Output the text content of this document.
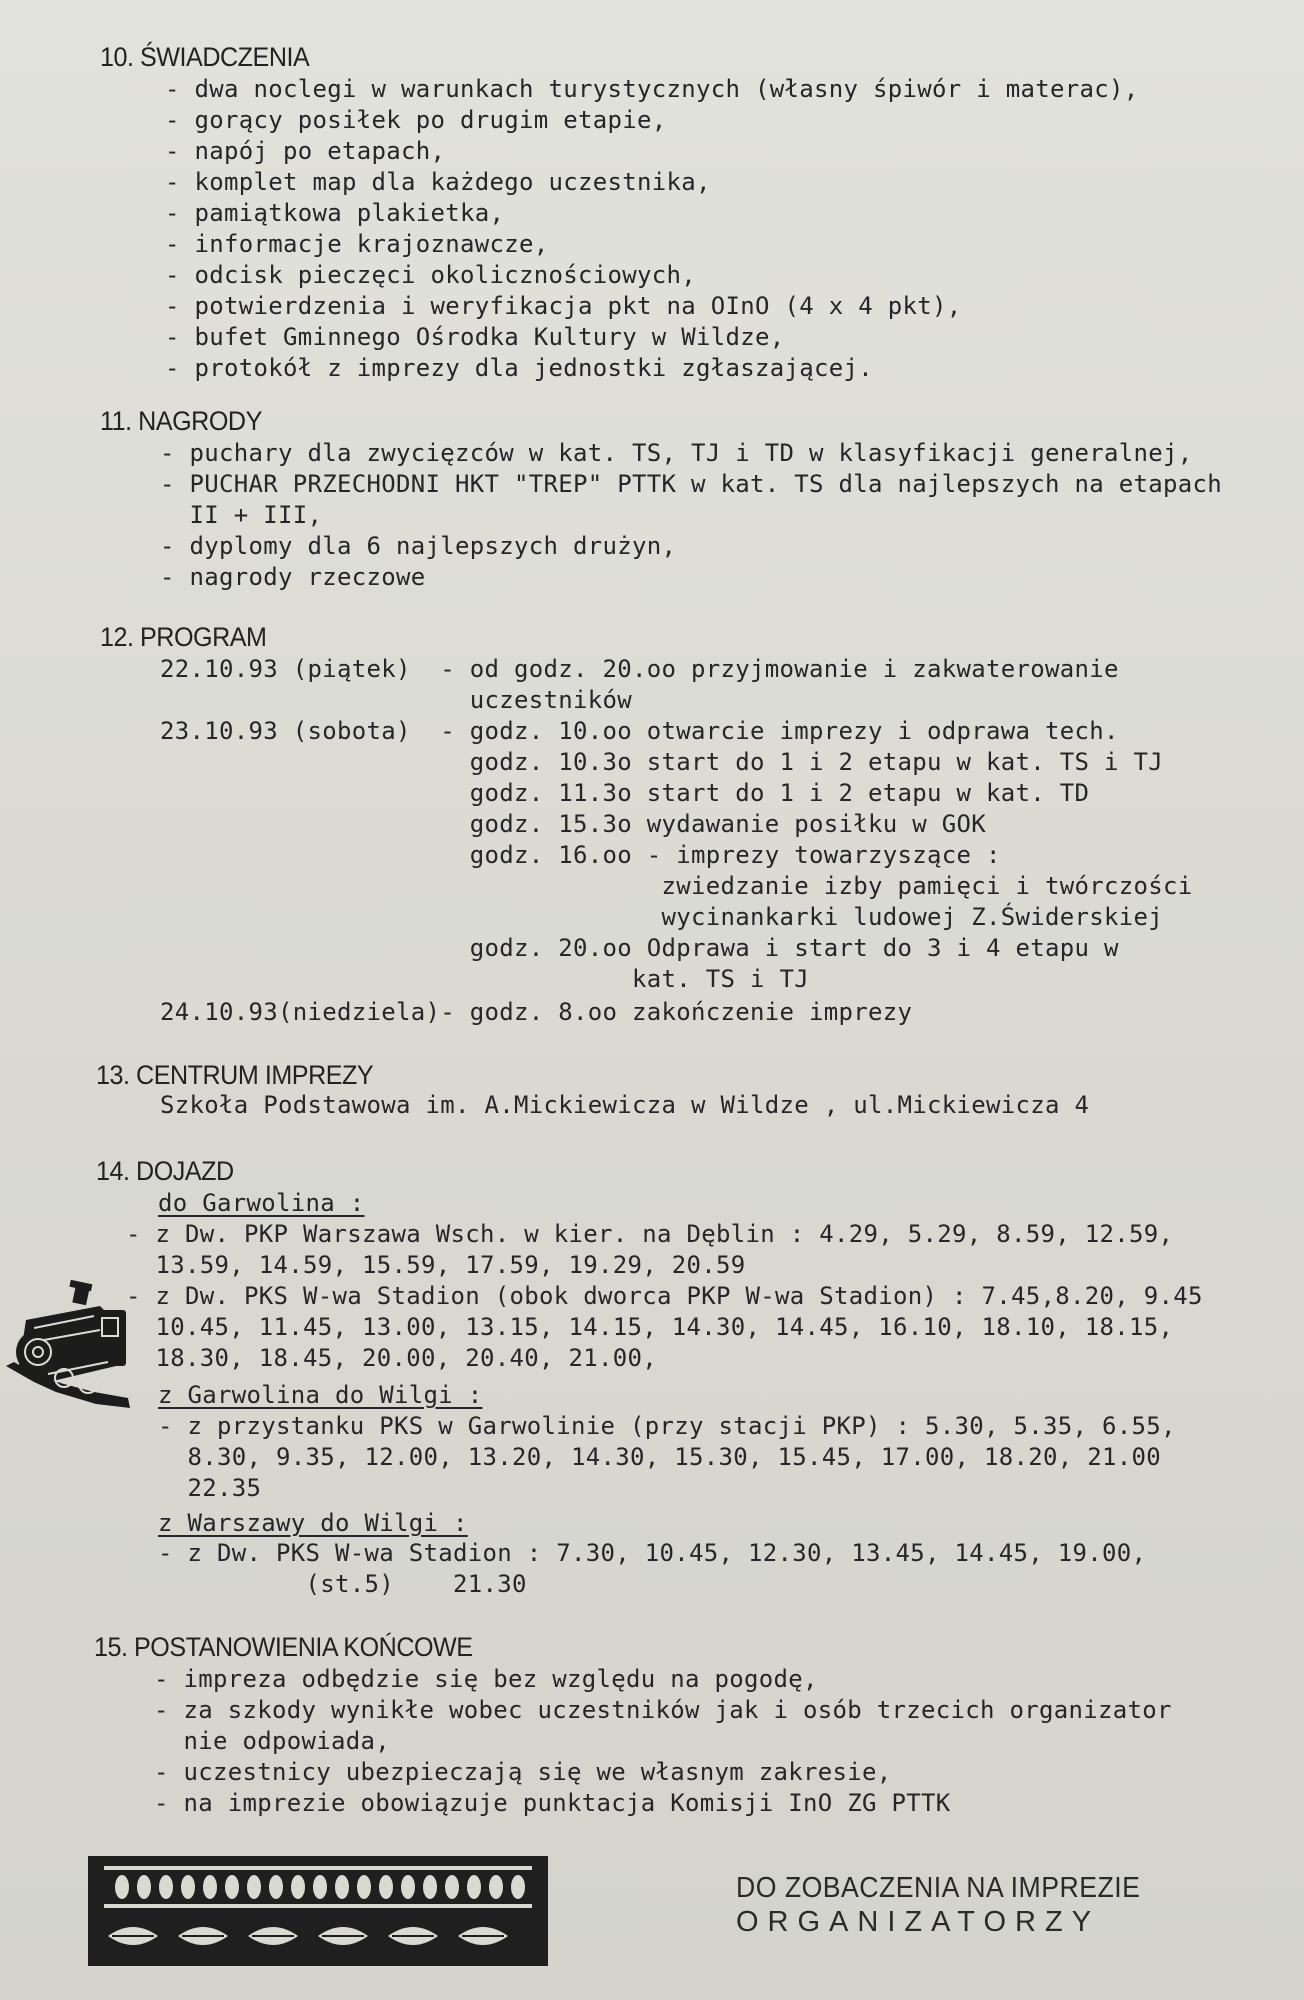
10. ŚWIADCZENIA
- dwa noclegi w warunkach turystycznych (własny śpiwór i materac),
- gorący posiłek po drugim etapie,
- napój po etapach,
- komplet map dla każdego uczestnika,
- pamiątkowa plakietka,
- informacje krajoznawcze,
- odcisk pieczęci okolicznościowych,
- potwierdzenia i weryfikacja pkt na OInO (4 x 4 pkt),
- bufet Gminnego Ośrodka Kultury w Wildze,
- protokół z imprezy dla jednostki zgłaszającej.
11. NAGRODY
- puchary dla zwycięzców w kat. TS, TJ i TD w klasyfikacji generalnej,
- PUCHAR PRZECHODNI HKT "TREP" PTTK w kat. TS dla najlepszych na etapach
II + III,
- dyplomy dla 6 najlepszych drużyn,
- nagrody rzeczowe
12. PROGRAM
22.10.93 (piątek)  - od godz. 20.oo przyjmowanie i zakwaterowanie
uczestników
23.10.93 (sobota)  - godz. 10.oo otwarcie imprezy i odprawa tech.
godz. 10.3o start do 1 i 2 etapu w kat. TS i TJ
godz. 11.3o start do 1 i 2 etapu w kat. TD
godz. 15.3o wydawanie posiłku w GOK
godz. 16.oo - imprezy towarzyszące :
zwiedzanie izby pamięci i twórczości
wycinankarki ludowej Z.Świderskiej
godz. 20.oo Odprawa i start do 3 i 4 etapu w
kat. TS i TJ
24.10.93(niedziela)- godz. 8.oo zakończenie imprezy
13. CENTRUM IMPREZY
Szkoła Podstawowa im. A.Mickiewicza w Wildze , ul.Mickiewicza 4
14. DOJAZD
do Garwolina :
- z Dw. PKP Warszawa Wsch. w kier. na Dęblin : 4.29, 5.29, 8.59, 12.59,
13.59, 14.59, 15.59, 17.59, 19.29, 20.59
- z Dw. PKS W-wa Stadion (obok dworca PKP W-wa Stadion) : 7.45,8.20, 9.45
10.45, 11.45, 13.00, 13.15, 14.15, 14.30, 14.45, 16.10, 18.10, 18.15,
18.30, 18.45, 20.00, 20.40, 21.00,
z Garwolina do Wilgi :
- z przystanku PKS w Garwolinie (przy stacji PKP) : 5.30, 5.35, 6.55,
8.30, 9.35, 12.00, 13.20, 14.30, 15.30, 15.45, 17.00, 18.20, 21.00
22.35
z Warszawy do Wilgi :
- z Dw. PKS W-wa Stadion : 7.30, 10.45, 12.30, 13.45, 14.45, 19.00,
(st.5)    21.30
15. POSTANOWIENIA KOŃCOWE
- impreza odbędzie się bez względu na pogodę,
- za szkody wynikłe wobec uczestników jak i osób trzecich organizator
nie odpowiada,
- uczestnicy ubezpieczają się we własnym zakresie,
- na imprezie obowiązuje punktacja Komisji InO ZG PTTK
DO ZOBACZENIA NA IMPREZIE
ORGANIZATORZY
